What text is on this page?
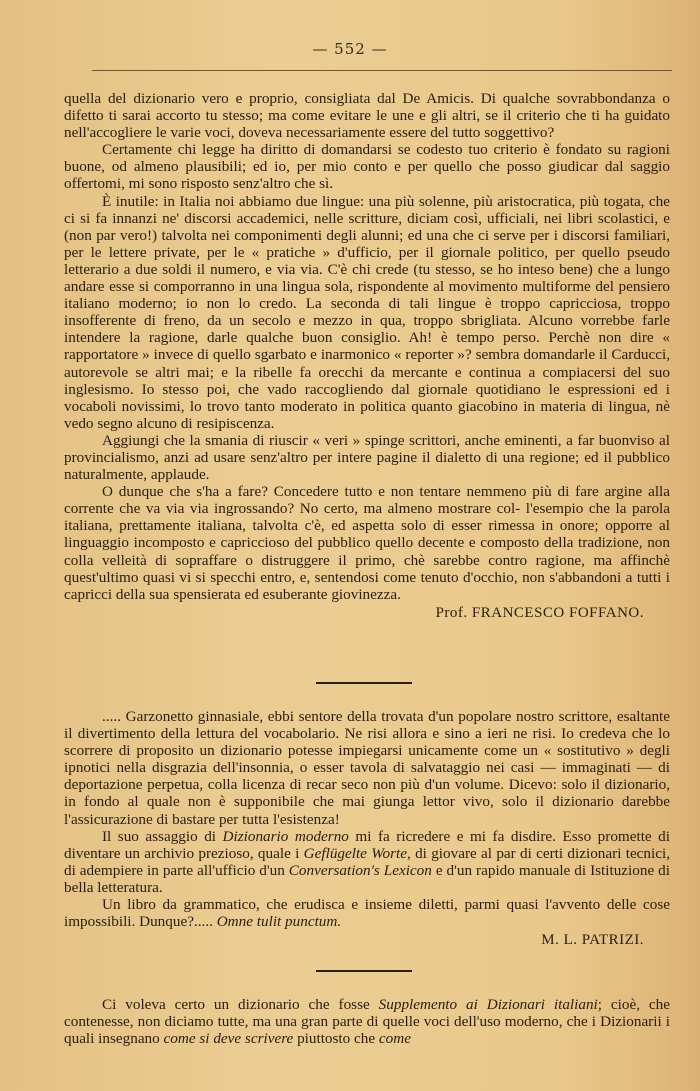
— 552 —

quella del dizionario vero e proprio, consigliata dal De Amicis. Di qualche sovrabbondanza o difetto ti sarai accorto tu stesso; ma come evitare le une e gli altri, se il criterio che ti ha guidato nell'accogliere le varie voci, doveva necessariamente essere del tutto soggettivo?

Certamente chi legge ha diritto di domandarsi se codesto tuo criterio è fondato su ragioni buone, od almeno plausibili; ed io, per mio conto e per quello che posso giudicar dal saggio offertomi, mi sono risposto senz'altro che sì.

È inutile: in Italia noi abbiamo due lingue: una più solenne, più aristocratica, più togata, che ci si fa innanzi ne' discorsi accademici, nelle scritture, diciam così, ufficiali, nei libri scolastici, e (non par vero!) talvolta nei componimenti degli alunni; ed una che ci serve per i discorsi familiari, per le lettere private, per le « pratiche » d'ufficio, per il giornale politico, per quello pseudo letterario a due soldi il numero, e via via. C'è chi crede (tu stesso, se ho inteso bene) che a lungo andare esse si comporranno in una lingua sola, rispondente al movimento multiforme del pensiero italiano moderno; io non lo credo. La seconda di tali lingue è troppo capricciosa, troppo insofferente di freno, da un secolo e mezzo in qua, troppo sbrigliata. Alcuno vorrebbe farle intendere la ragione, darle qualche buon consiglio. Ah! è tempo perso. Perchè non dire « rapportatore » invece di quello sgarbato e inarmonico « reporter »? sembra domandarle il Carducci, autorevole se altri mai; e la ribelle fa orecchi da mercante e continua a compiacersi del suo inglesismo. Io stesso poi, che vado raccogliendo dal giornale quotidiano le espressioni ed i vocaboli novissimi, lo trovo tanto moderato in politica quanto giacobino in materia di lingua, nè vedo segno alcuno di resipiscenza.

Aggiungi che la smania di riuscir « veri » spinge scrittori, anche eminenti, a far buonviso al provincialismo, anzi ad usare senz'altro per intere pagine il dialetto di una regione; ed il pubblico naturalmente, applaude.

O dunque che s'ha a fare? Concedere tutto e non tentare nemmeno più di fare argine alla corrente che va via via ingrossando? No certo, ma almeno mostrare col- l'esempio che la parola italiana, prettamente italiana, talvolta c'è, ed aspetta solo di esser rimessa in onore; opporre al linguaggio incomposto e capriccioso del pubblico quello decente e composto della tradizione, non colla velleità di sopraffare o distruggere il primo, chè sarebbe contro ragione, ma affinchè quest'ultimo quasi vi si specchi entro, e, sentendosi come tenuto d'occhio, non s'abbandoni a tutti i capricci della sua spensierata ed esuberante giovinezza.

Prof. FRANCESCO FOFFANO.

..... Garzonetto ginnasiale, ebbi sentore della trovata d'un popolare nostro scrittore, esaltante il divertimento della lettura del vocabolario. Ne risi allora e sino a ieri ne risi. Io credeva che lo scorrere di proposito un dizionario potesse impiegarsi unicamente come un « sostitutivo » degli ipnotici nella disgrazia dell'insonnia, o esser tavola di salvataggio nei casi — immaginati — di deportazione perpetua, colla licenza di recar seco non più d'un volume. Dicevo: solo il dizionario, in fondo al quale non è supponibile che mai giunga lettor vivo, solo il dizionario darebbe l'assicurazione di bastare per tutta l'esistenza!

Il suo assaggio di Dizionario moderno mi fa ricredere e mi fa disdire. Esso promette di diventare un archivio prezioso, quale i Geflügelte Worte, di giovare al par di certi dizionari tecnici, di adempiere in parte all'ufficio d'un Conversation's Lexicon e d'un rapido manuale di Istituzione di bella letteratura.

Un libro da grammatico, che erudisca e insieme diletti, parmi quasi l'avvento delle cose impossibili. Dunque?..... Omne tulit punctum.

M. L. PATRIZI.

Ci voleva certo un dizionario che fosse Supplemento ai Dizionari italiani; cioè, che contenesse, non diciamo tutte, ma una gran parte di quelle voci dell'uso moderno, che i Dizionarii i quali insegnano come si deve scrivere piuttosto che come
